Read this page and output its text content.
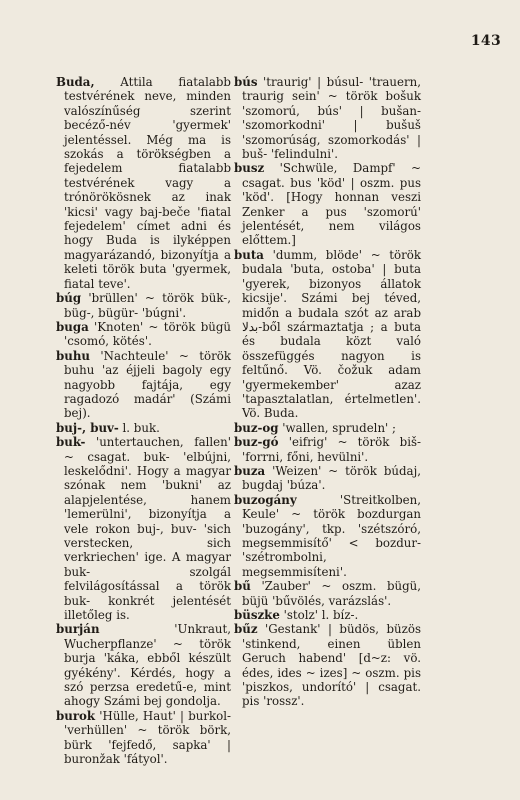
143

Buda, Attila fiatalabb testvérének neve, minden valószínűség szerint becéző-név 'gyermek' jelentéssel. Még ma is szokás a törökségben a fejedelem fiatalabb testvérének vagy a trónörökösnek az inak 'kicsi' vagy baj-beče 'fiatal fejedelem' címet adni és hogy Buda is ilyképpen magyarázandó, bizonyítja a keleti török buta 'gyermek, fiatal teve'.

búg 'brüllen' ~ török bük-, büg-, bügür- 'búgni'.

buga 'Knoten' ~ török bügü 'csomó, kötés'.

buhu 'Nachteule' ~ török buhu 'az éjjeli bagoly egy nagyobb fajtája, egy ragadozó madár' (Számi bej).

buj-, buv- l. buk.

buk- 'untertauchen, fallen' ~ csagat. buk- 'elbújni, leskelődni'. Hogy a magyar szónak nem 'bukni' az alapjelentése, hanem 'lemerülni', bizonyítja a vele rokon buj-, buv- 'sich verstecken, sich verkriechen' ige. A magyar buk- szolgál felvilágosítással a török buk- konkrét jelentését illetőleg is.

burján	'Unkraut, Wucherpflanze' ~ török burja 'káka, ebből készült gyékény'. Kérdés, hogy a szó perzsa eredetű-e, mint ahogy Számi bej gondolja.

burok 'Hülle, Haut' | burkol- 'verhüllen' ~ török börk, bürk 'fejfedő, sapka' | buronžak 'fátyol'.

bús 'traurig' | búsul- 'trauern, traurig sein' ~ török bošuk 'szomorú, bús' | bušan- 'szomorkodni' | bušuš 'szomorúság, szomorkodás' | buš- 'felindulni'.

busz 'Schwüle, Dampf' ~ csagat. bus 'köd' | oszm. pus 'köd'. [Hogy honnan veszi Zenker a pus 'szomorú' jelentését, nem világos előttem.]

buta 'dumm, blöde' ~ török budala 'buta, ostoba' | buta 'gyerek, bizonyos állatok kicsije'. Számi bej téved, midőn a budala szót az arab بدلا-ből származtatja ; a buta és budala közt való összefüggés nagyon is feltűnő. Vö. čožuk adam 'gyermekember' azaz 'tapasztalatlan, értelmetlen'. Vö. Buda.

buz-og 'wallen, sprudeln' ;

buz-gó 'eifrig' ~ török biš- 'forrni, főni, hevülni'.

buza 'Weizen' ~ török búdaj, bugdaj 'búza'.

buzogány	'Streitkolben, Keule' ~ török bozdurgan 'buzogány', tkp. 'szétszóró, megsemmisítő' < bozdur- 'szétrombolni, megsemmisíteni'.

bű 'Zauber' ~ oszm. bügü, büjü 'bűvölés, varázslás'.

büszke 'stolz' l. bíz-.

bűz 'Gestank' | büdös, büzös 'stinkend, einen üblen Geruch habend' [d~z: vö. édes, ides ~ izes] ~ oszm. pis 'piszkos, undorító' | csagat. pis 'rossz'.
